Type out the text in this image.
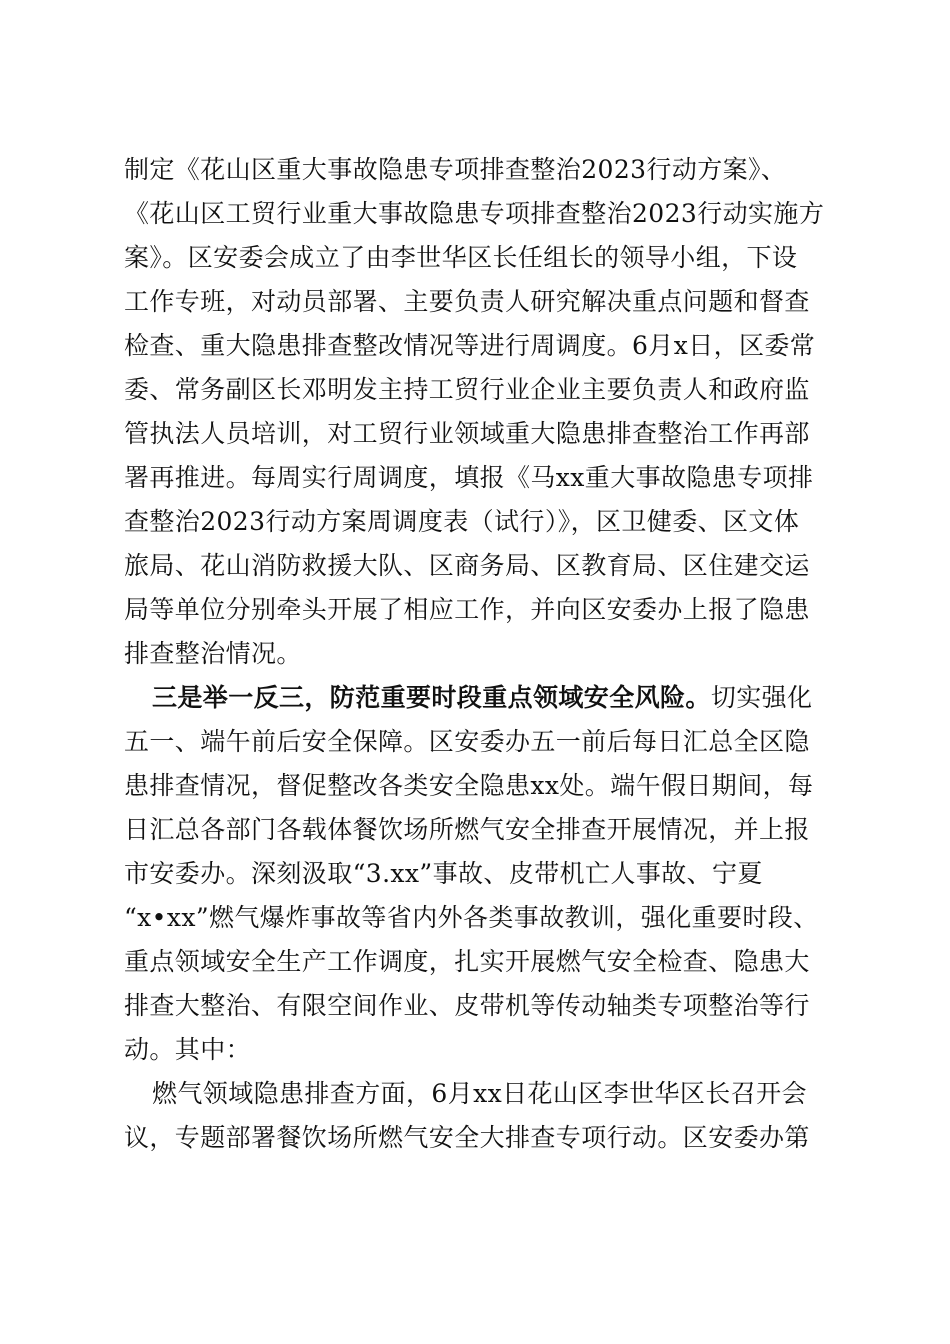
制定《花山区重大事故隐患专项排查整治2023行动方案》、
《花山区工贸行业重大事故隐患专项排查整治2023行动实施方
案》。区安委会成立了由李世华区长任组长的领导小组，下设
工作专班，对动员部署、主要负责人研究解决重点问题和督查
检查、重大隐患排查整改情况等进行周调度。6月x日，区委常
委、常务副区长邓明发主持工贸行业企业主要负责人和政府监
管执法人员培训，对工贸行业领域重大隐患排查整治工作再部
署再推进。每周实行周调度，填报《马xx重大事故隐患专项排
查整治2023行动方案周调度表（试行）》，区卫健委、区文体
旅局、花山消防救援大队、区商务局、区教育局、区住建交运
局等单位分别牵头开展了相应工作，并向区安委办上报了隐患
排查整治情况。
三是举一反三，防范重要时段重点领域安全风险。切实强化
五一、端午前后安全保障。区安委办五一前后每日汇总全区隐
患排查情况，督促整改各类安全隐患xx处。端午假日期间，每
日汇总各部门各载体餐饮场所燃气安全排查开展情况，并上报
市安委办。深刻汲取“3.xx”事故、皮带机亡人事故、宁夏
“x•xx”燃气爆炸事故等省内外各类事故教训，强化重要时段、
重点领域安全生产工作调度，扎实开展燃气安全检查、隐患大
排查大整治、有限空间作业、皮带机等传动轴类专项整治等行
动。其中：
燃气领域隐患排查方面，6月xx日花山区李世华区长召开会
议，专题部署餐饮场所燃气安全大排查专项行动。区安委办第
